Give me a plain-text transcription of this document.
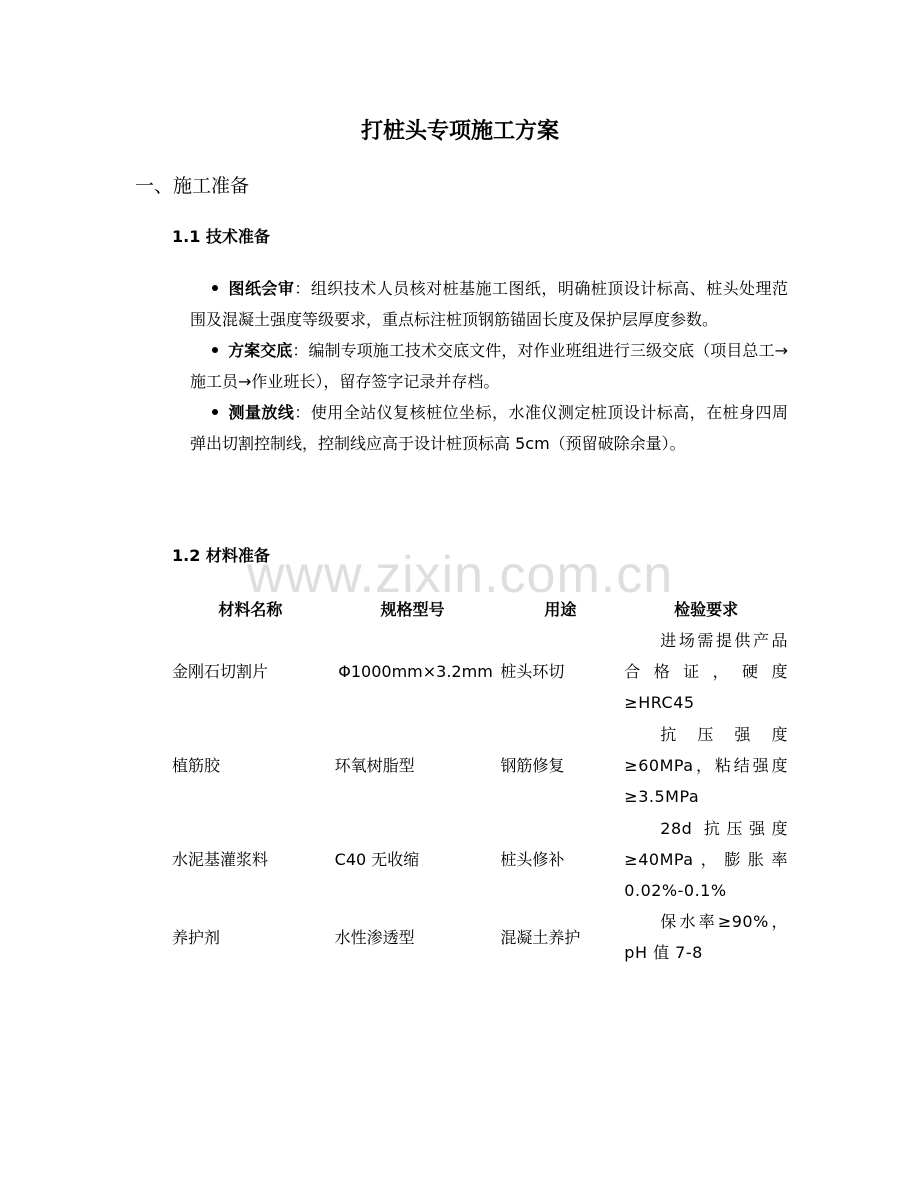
打桩头专项施工方案
一、施工准备
1.1 技术准备
图纸会审：组织技术人员核对桩基施工图纸，明确桩顶设计标高、桩头处理范围及混凝土强度等级要求，重点标注桩顶钢筋锚固长度及保护层厚度参数。
方案交底：编制专项施工技术交底文件，对作业班组进行三级交底（项目总工→施工员→作业班长），留存签字记录并存档。
测量放线：使用全站仪复核桩位坐标，水准仪测定桩顶设计标高，在桩身四周弹出切割控制线，控制线应高于设计桩顶标高 5cm（预留破除余量）。
1.2 材料准备
www.zixin.com.cn
材料名称	规格型号	用途	检验要求
金刚石切割片	Φ1000mm×3.2mm	桩头环切	进场需提供产品合格证，硬度≥HRC45
植筋胶	环氧树脂型	钢筋修复	抗压强度≥60MPa，粘结强度≥3.5MPa
水泥基灌浆料	C40 无收缩	桩头修补	28d 抗压强度≥40MPa，膨胀率 0.02%-0.1%
养护剂	水性渗透型	混凝土养护	保水率≥90%，pH 值 7-8
